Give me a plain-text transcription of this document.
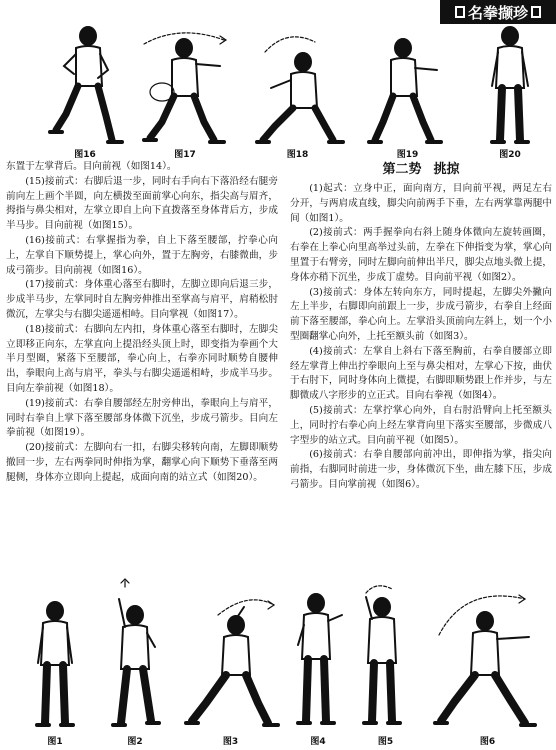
名拳撷珍
图16	图17	图18	图19	图20

东置于左掌背后。目向前视（如图14）。

(15)接前式：右脚后退一步，同时右手向右下落沿经右腿旁前向左上画个半圆，向左横拨至面前掌心向东，指尖高与眉齐，拇指与鼻尖相对，左掌立即自上向下直拨落至身体背后方，步成半马步。目向前视（如图15）。

(16)接前式：右掌握指为拳，自上下落至腰部，拧拳心向上，左掌自下顺势提上，掌心向外，置于左胸旁，右膝微曲，步成弓箭步。目向前视（如图16）。

(17)接前式：身体重心落至右脚时，左脚立即向后退三步，步成半马步，左掌同时自左胸旁伸推出至掌高与肩平，肩稍松肘微沉，左掌尖与右脚尖遥遥相峙。目向掌视（如图17）。

(18)接前式：右脚向左内扣，身体重心落至右脚时，左脚尖立即移正向东，左掌直向上提沿经头顶上时，即变指为拳画个大半月型圈，紧落下至腰部，拳心向上，右拳亦同时顺势自腰伸出，拳眼向上高与肩平，拳头与右脚尖遥遥相峙，步成半马步。目向左拳前视（如图18）。

(19)接前式：右拳自腰部经左肘旁伸出，拳眼向上与肩平，同时右拳自上掌下落至腰部身体微下沉坐，步成弓箭步。目向左拳前视（如图19）。

(20)接前式：左脚向右一扣，右脚尖移转向南，左脚即顺势撤回一步，左右两拳同时伸指为掌，翻掌心向下顺势下垂落至两腿侧，身体亦立即向上提起，成面向南的站立式（如图20）。

第二势 挑掠

(1)起式：立身中正，面向南方，目向前平视，两足左右分开，与两肩成直线，脚尖向前两手下垂，左右两掌靠两腿中间（如图1）。

(2)接前式：两手握拳向右斜上随身体微向左旋转画圈，右拳在上拳心向里高举过头前，左拳在下伸指变为掌，掌心向里置于右臂旁，同时左脚向前伸出半尺，脚尖点地头微上提，身体亦稍下沉坐，步成丁虚势。目向前平视（如图2）。

(3)接前式：身体左转向东方，同时提起，左脚尖外撇向左上半步，右脚即向前跟上一步，步成弓箭步，右拳自上经面前下落至腰部，拳心向上。左掌沿头顶前向左斜上，划一个小型圈翻掌心向外，上托至额头前（如图3）。

(4)接前式：左掌自上斜右下落至胸前，右拳自腰部立即经左掌背上伸出拧拳眼向上至与鼻尖相对，左掌心下按，曲伏于右肘下，同时身体向上微提，右脚即顺势跟上作并步，与左脚微成八字形步的立正式。目向右拳视（如图4）。

(5)接前式：左掌拧掌心向外，自右肘沿臂向上托至额头上，同时拧右拳心向上经左掌背向里下落实至腰部，步微成八字型步的站立式。目向前平视（如图5）。

(6)接前式：右拳自腰部向前冲出，即伸指为掌，指尖向前指，右脚同时前进一步，身体微沉下坐，曲左膝下压，步成弓箭步。目向掌前视（如图6）。

图1	图2	图3	图4	图5	图6
